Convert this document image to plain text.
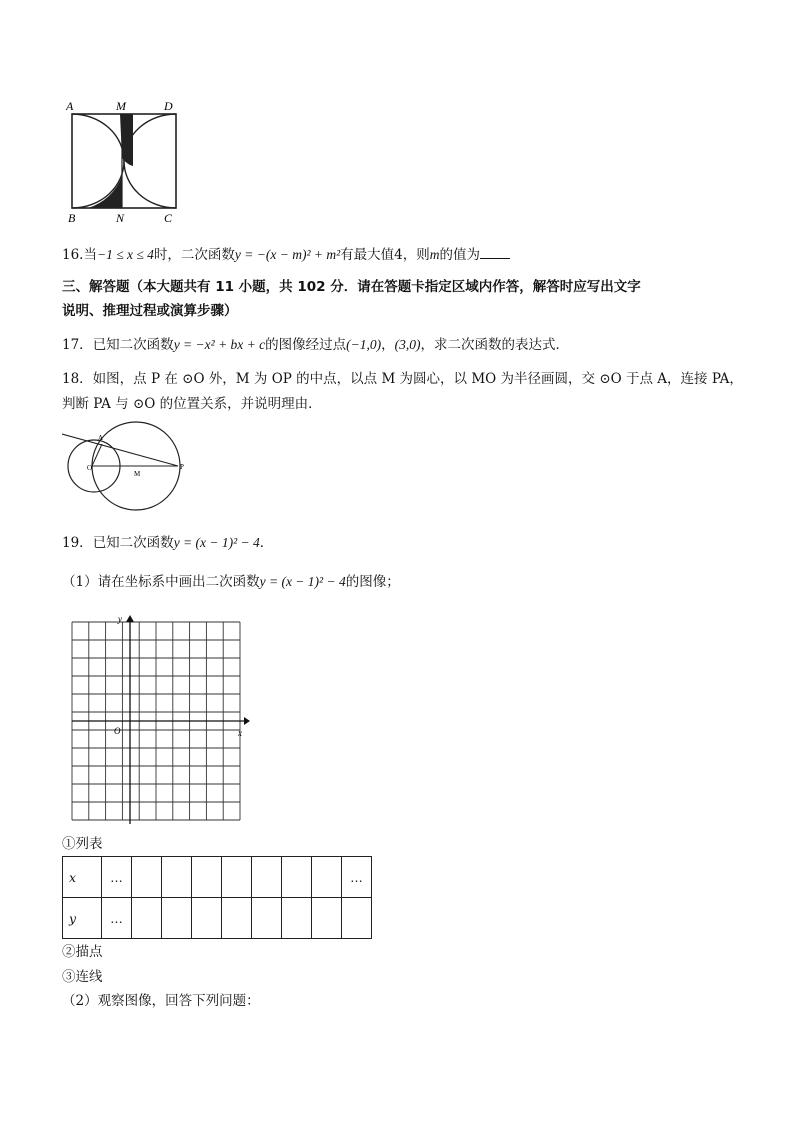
A	M	D
B	N	C
16.当−1 ≤ x ≤ 4时，二次函数y = −(x − m)² + m²有最大值4，则m的值为
三、解答题（本大题共有 11 小题，共 102 分．请在答题卡指定区域内作答，解答时应写出文字
说明、推理过程或演算步骤）
17．已知二次函数y = −x² + bx + c的图像经过点(−1,0)，(3,0)，求二次函数的表达式．
18．如图，点 P 在 ⊙O 外，M 为 OP 的中点，以点 M 为圆心，以 MO 为半径画圆，交 ⊙O 于点 A，连接 PA，
判断 PA 与 ⊙O 的位置关系，并说明理由．
A
O
M
P
19．已知二次函数y = (x − 1)² − 4．
（1）请在坐标系中画出二次函数y = (x − 1)² − 4的图像；
O	x
y
①列表
x	…								…
y	…								
②描点
③连线
（2）观察图像，回答下列问题：
